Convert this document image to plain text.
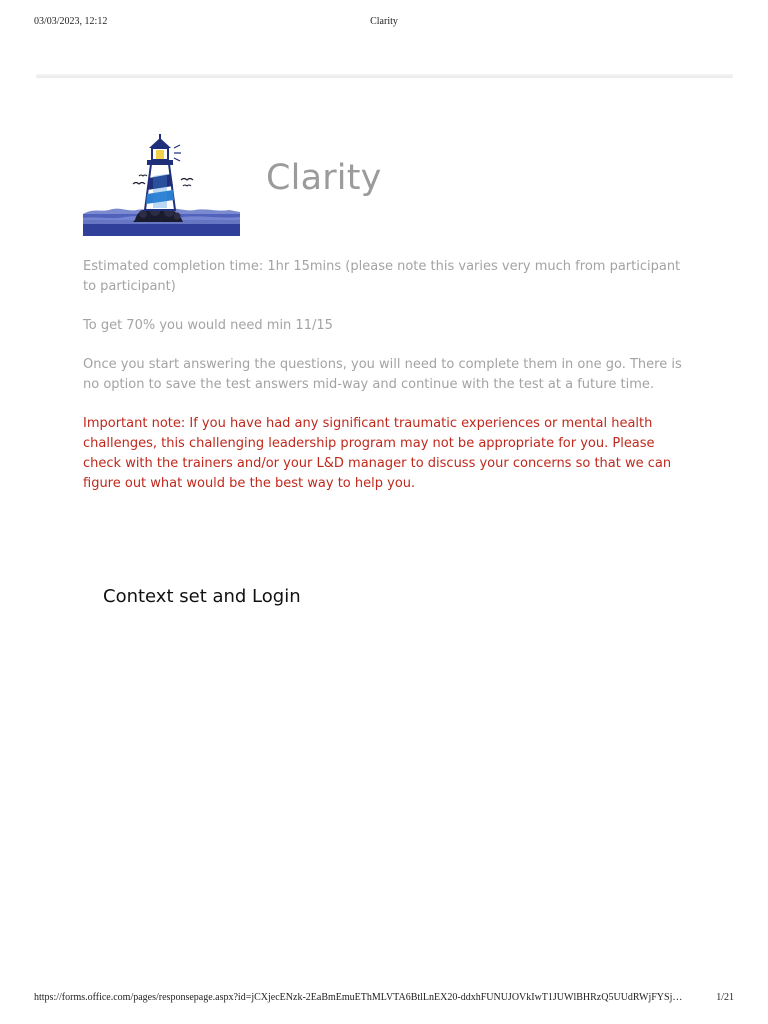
03/03/2023, 12:12	Clarity
Clarity

Estimated completion time: 1hr 15mins (please note this varies very much from participant to participant)

To get 70% you would need min 11/15

Once you start answering the questions, you will need to complete them in one go. There is no option to save the test answers mid-way and continue with the test at a future time.

Important note: If you have had any significant traumatic experiences or mental health challenges, this challenging leadership program may not be appropriate for you. Please check with the trainers and/or your L&D manager to discuss your concerns so that we can figure out what would be the best way to help you.

Context set and Login
https://forms.office.com/pages/responsepage.aspx?id=jCXjecENzk-2EaBmEmuEThMLVTA6BtlLnEX20-ddxhFUNUJOVkIwT1JUWlBHRzQ5UUdRWjFYSj…	1/21
